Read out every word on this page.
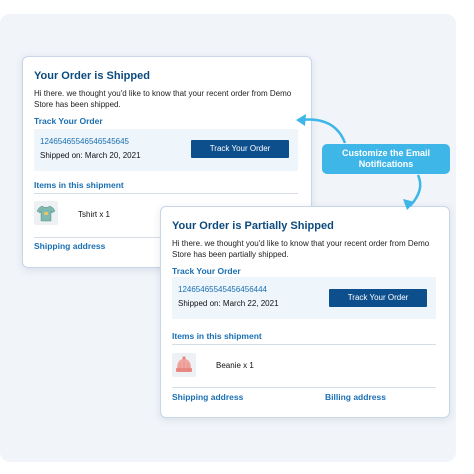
Your Order is Shipped
Hi there. we thought you'd like to know that your recent order from Demo Store has been shipped.
Track Your Order
12465465546546545645
Shipped on: March 20, 2021
Track Your Order
Items in this shipment
Tshirt x 1
Shipping address
Your Order is Partially Shipped
Hi there. we thought you'd like to know that your recent order from Demo Store has been partially shipped.
Track Your Order
12465465545456456444
Shipped on: March 22, 2021
Track Your Order
Items in this shipment
Beanie x 1
Shipping address	Billing address
Customize the Email Notifications
